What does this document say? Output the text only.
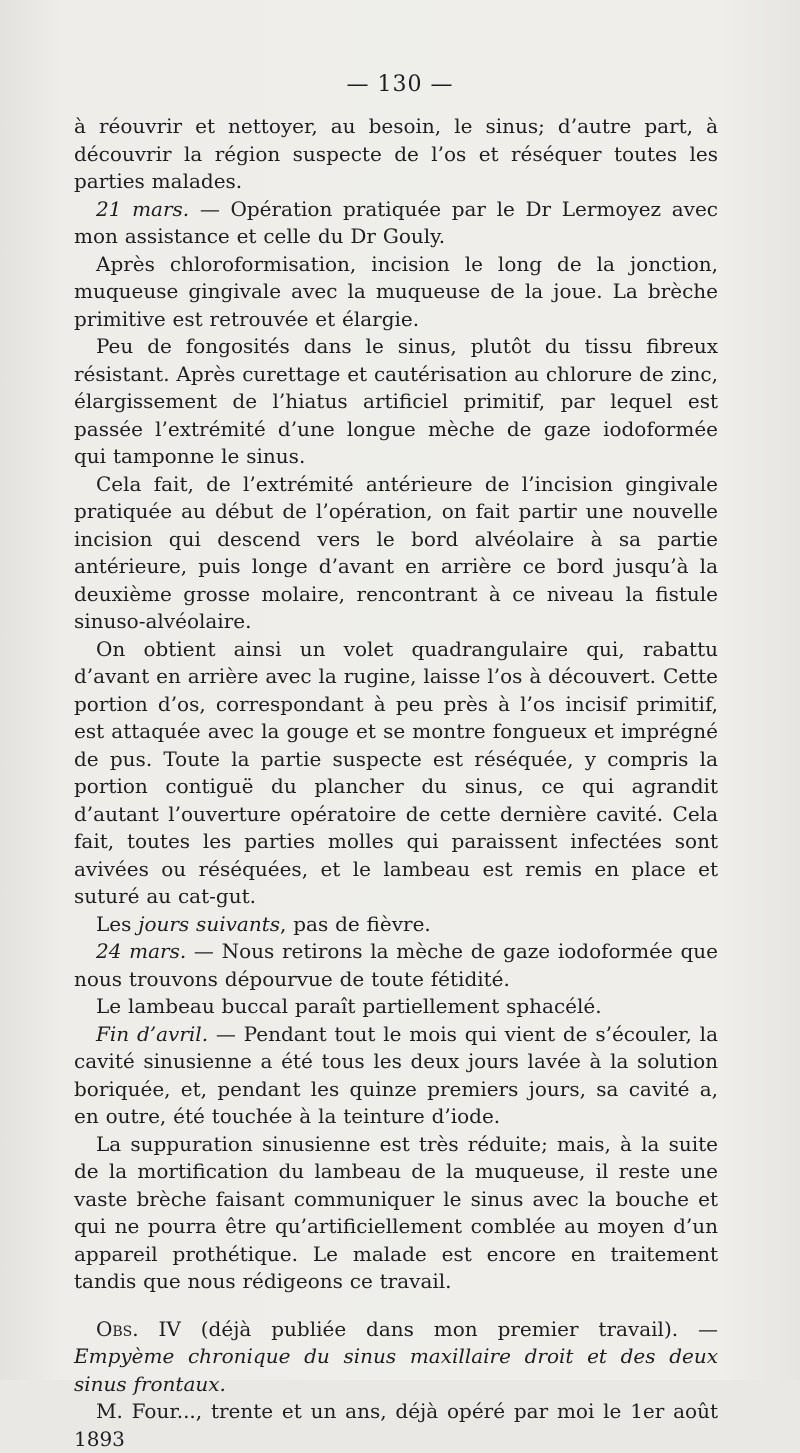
— 130 —

à réouvrir et nettoyer, au besoin, le sinus; d’autre part, à découvrir la région suspecte de l’os et réséquer toutes les parties malades.

21 mars. — Opération pratiquée par le Dr Lermoyez avec mon assistance et celle du Dr Gouly.

Après chloroformisation, incision le long de la jonction, muqueuse gingivale avec la muqueuse de la joue. La brèche primitive est retrouvée et élargie.

Peu de fongosités dans le sinus, plutôt du tissu fibreux résistant. Après curettage et cautérisation au chlorure de zinc, élargissement de l’hiatus artificiel primitif, par lequel est passée l’extrémité d’une longue mèche de gaze iodoformée qui tamponne le sinus.

Cela fait, de l’extrémité antérieure de l’incision gingivale pratiquée au début de l’opération, on fait partir une nouvelle incision qui descend vers le bord alvéolaire à sa partie antérieure, puis longe d’avant en arrière ce bord jusqu’à la deuxième grosse molaire, rencontrant à ce niveau la fistule sinuso-alvéolaire.

On obtient ainsi un volet quadrangulaire qui, rabattu d’avant en arrière avec la rugine, laisse l’os à découvert. Cette portion d’os, correspondant à peu près à l’os incisif primitif, est attaquée avec la gouge et se montre fongueux et imprégné de pus. Toute la partie suspecte est réséquée, y compris la portion contiguë du plancher du sinus, ce qui agrandit d’autant l’ouverture opératoire de cette dernière cavité. Cela fait, toutes les parties molles qui paraissent infectées sont avivées ou réséquées, et le lambeau est remis en place et suturé au cat-gut.

Les jours suivants, pas de fièvre.

24 mars. — Nous retirons la mèche de gaze iodoformée que nous trouvons dépourvue de toute fétidité.

Le lambeau buccal paraît partiellement sphacélé.

Fin d’avril. — Pendant tout le mois qui vient de s’écouler, la cavité sinusienne a été tous les deux jours lavée à la solution boriquée, et, pendant les quinze premiers jours, sa cavité a, en outre, été touchée à la teinture d’iode.

La suppuration sinusienne est très réduite; mais, à la suite de la mortification du lambeau de la muqueuse, il reste une vaste brèche faisant communiquer le sinus avec la bouche et qui ne pourra être qu’artificiellement comblée au moyen d’un appareil prothétique. Le malade est encore en traitement tandis que nous rédigeons ce travail.

Obs. IV (déjà publiée dans mon premier travail). — Empyème chronique du sinus maxillaire droit et des deux sinus frontaux.

M. Four..., trente et un ans, déjà opéré par moi le 1er août 1893
